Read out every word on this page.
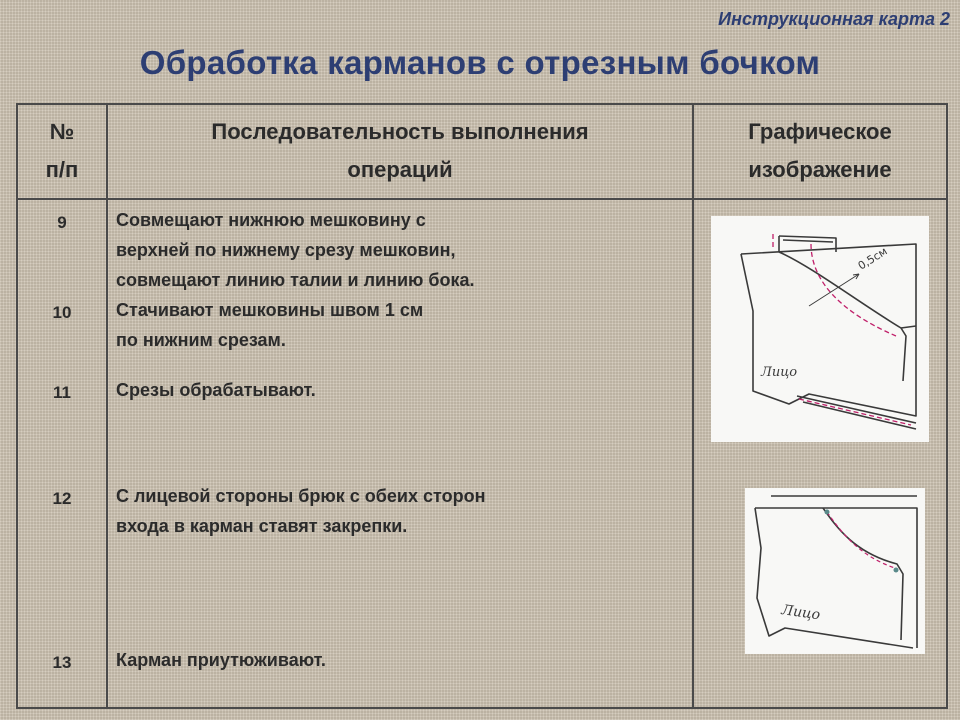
Инструкционная карта 2
Обработка карманов с отрезным бочком
№
п/п
Последовательность выполнения
операций
Графическое
изображение
9	Совмещают нижнюю мешковину с
верхней по нижнему срезу мешковин,
совмещают линию талии и линию бока.
10	Стачивают мешковины швом 1 см
по нижним срезам.
11	Срезы обрабатывают.
12	С лицевой стороны брюк с обеих сторон
входа в карман ставят закрепки.
13	Карман приутюживают.
0,5см
Лицо
Лицо
